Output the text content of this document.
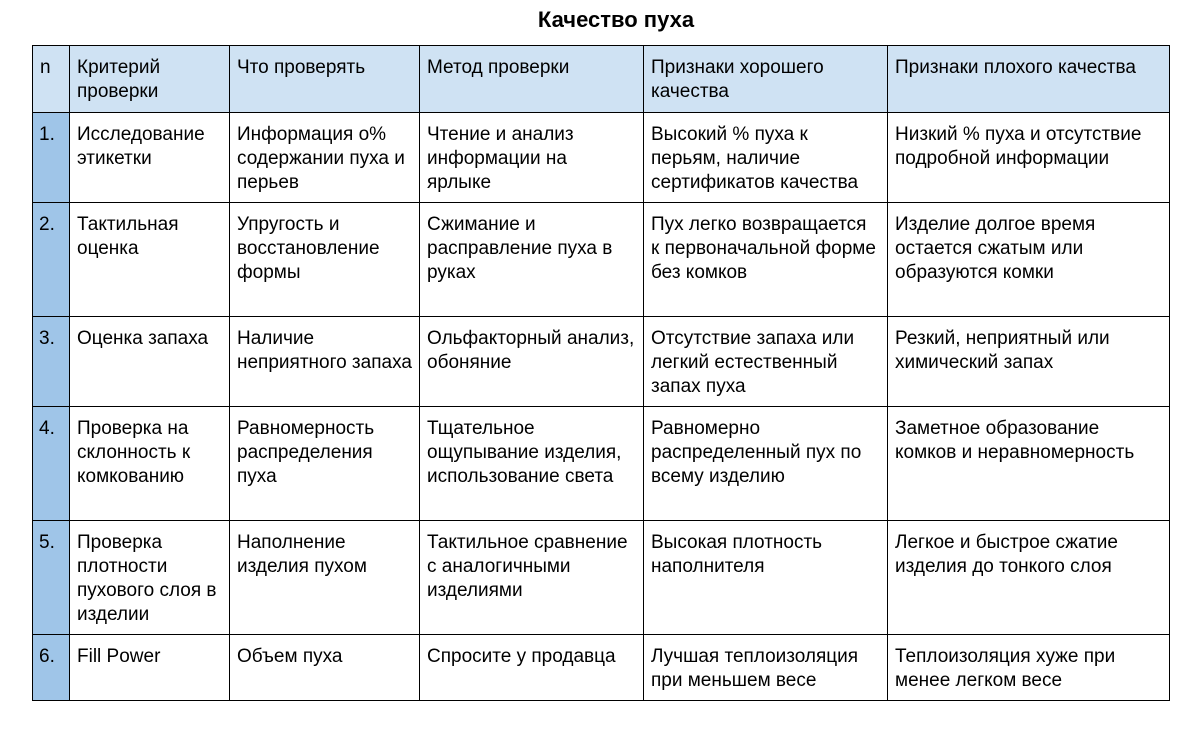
Качество пуха
n	Критерий проверки	Что проверять	Метод проверки	Признаки хорошего качества	Признаки плохого качества
1.	Исследование этикетки	Информация о% содержании пуха и перьев	Чтение и анализ информации на ярлыке	Высокий % пуха к перьям, наличие сертификатов качества	Низкий % пуха и отсутствие подробной информации
2.	Тактильная оценка	Упругость и восстановление формы	Сжимание и расправление пуха в руках	Пух легко возвращается к первоначальной форме без комков	Изделие долгое время остается сжатым или образуются комки
3.	Оценка запаха	Наличие неприятного запаха	Ольфакторный анализ, обоняние	Отсутствие запаха или легкий естественный запах пуха	Резкий, неприятный или химический запах
4.	Проверка на склонность к комкованию	Равномерность распределения пуха	Тщательное ощупывание изделия, использование света	Равномерно распределенный пух по всему изделию	Заметное образование комков и неравномерность
5.	Проверка плотности пухового слоя в изделии	Наполнение изделия пухом	Тактильное сравнение с аналогичными изделиями	Высокая плотность наполнителя	Легкое и быстрое сжатие изделия до тонкого слоя
6.	Fill Power	Объем пуха	Спросите у продавца	Лучшая теплоизоляция при меньшем весе	Теплоизоляция хуже при менее легком весе
